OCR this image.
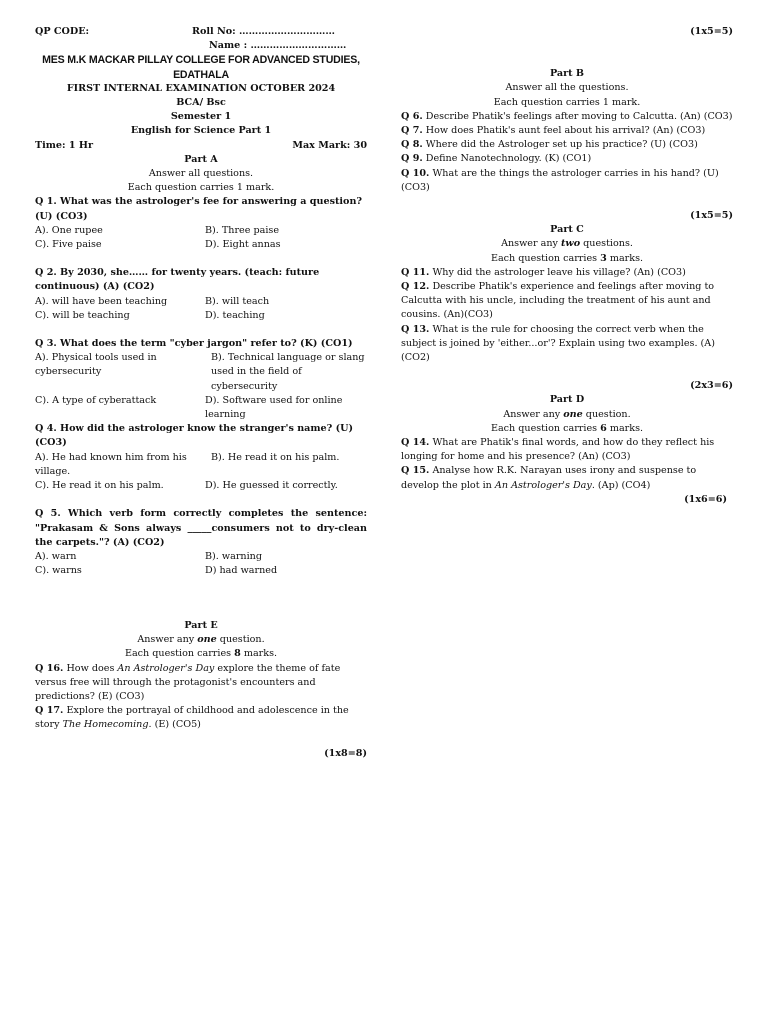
QP CODE:	Roll No: …………………………
Name : …………………………
MES M.K MACKAR PILLAY COLLEGE FOR ADVANCED STUDIES, EDATHALA
FIRST INTERNAL EXAMINATION OCTOBER 2024
BCA/ Bsc
Semester 1
English for Science Part 1
Time: 1 Hr	Max Mark: 30
Part A
Answer all questions.
Each question carries 1 mark.

Q 1. What was the astrologer's fee for answering a question? (U) (CO3)

A). One rupee	B). Three paise
C). Five paise	D). Eight annas

Q 2. By 2030, she…… for twenty years. (teach: future continuous) (A) (CO2)

A). will have been teaching	B). will teach
C). will be teaching	D). teaching

Q 3. What does the term "cyber jargon" refer to? (K) (CO1)

A). Physical tools used in cybersecurity
B). Technical language or slang used in the field of cybersecurity
C). A type of cyberattack	D). Software used for online learning

Q 4. How did the astrologer know the stranger's name? (U) (CO3)

A). He had known him from his village.
B). He read it on his palm.
C). He read it on his palm.	D). He guessed it correctly.

Q 5. Which verb form correctly completes the sentence: "Prakasam & Sons always _____consumers not to dry-clean the carpets."? (A) (CO2)

A). warn	B). warning
C). warns	D) had warned
Part E
Answer any one question.
Each question carries 8 marks.

Q 16. How does An Astrologer's Day explore the theme of fate versus free will through the protagonist's encounters and predictions? (E) (CO3)

Q 17. Explore the portrayal of childhood and adolescence in the story The Homecoming. (E) (CO5)

(1x8=8)
(1x5=5)
Part B
Answer all the questions.
Each question carries 1 mark.

Q 6. Describe Phatik's feelings after moving to Calcutta. (An) (CO3)

Q 7. How does Phatik's aunt feel about his arrival? (An) (CO3)

Q 8. Where did the Astrologer set up his practice? (U) (CO3)

Q 9. Define Nanotechnology. (K) (CO1)

Q 10. What are the things the astrologer carries in his hand? (U) (CO3)

(1x5=5)
Part C
Answer any two questions.
Each question carries 3 marks.

Q 11. Why did the astrologer leave his village? (An) (CO3)

Q 12. Describe Phatik's experience and feelings after moving to Calcutta with his uncle, including the treatment of his aunt and cousins. (An)(CO3)

Q 13. What is the rule for choosing the correct verb when the subject is joined by 'either...or'? Explain using two examples. (A) (CO2)

(2x3=6)
Part D
Answer any one question.
Each question carries 6 marks.

Q 14. What are Phatik's final words, and how do they reflect his longing for home and his presence? (An) (CO3)

Q 15. Analyse how R.K. Narayan uses irony and suspense to develop the plot in An Astrologer's Day. (Ap) (CO4)

(1x6=6)
